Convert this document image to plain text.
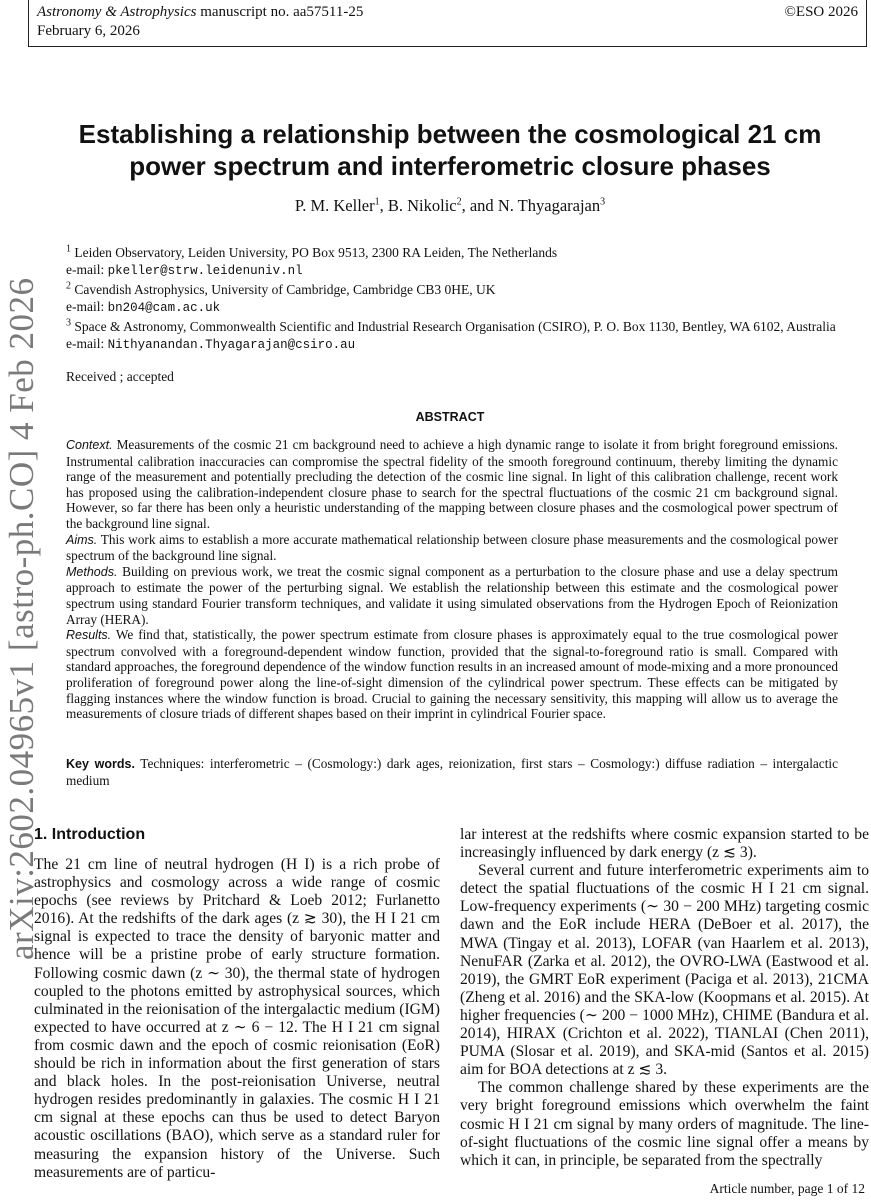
Astronomy & Astrophysics manuscript no. aa57511-25
February 6, 2026
©ESO 2026
arXiv:2602.04965v1 [astro-ph.CO] 4 Feb 2026
Establishing a relationship between the cosmological 21 cm power spectrum and interferometric closure phases
P. M. Keller$^1$, B. Nikolic$^2$, and N. Thyagarajan$^3$
$^1$ Leiden Observatory, Leiden University, PO Box 9513, 2300 RA Leiden, The Netherlands
e-mail: pkeller@strw.leidenuniv.nl
$^2$ Cavendish Astrophysics, University of Cambridge, Cambridge CB3 0HE, UK
e-mail: bn204@cam.ac.uk
$^3$ Space & Astronomy, Commonwealth Scientific and Industrial Research Organisation (CSIRO), P. O. Box 1130, Bentley, WA 6102, Australia
e-mail: Nithyanandan.Thyagarajan@csiro.au
Received ; accepted
ABSTRACT

Context. Measurements of the cosmic 21 cm background need to achieve a high dynamic range to isolate it from bright foreground emissions. Instrumental calibration inaccuracies can compromise the spectral fidelity of the smooth foreground continuum, thereby limiting the dynamic range of the measurement and potentially precluding the detection of the cosmic line signal. In light of this calibration challenge, recent work has proposed using the calibration-independent closure phase to search for the spectral fluctuations of the cosmic 21 cm background signal. However, so far there has been only a heuristic understanding of the mapping between closure phases and the cosmological power spectrum of the background line signal.

Aims. This work aims to establish a more accurate mathematical relationship between closure phase measurements and the cosmological power spectrum of the background line signal.

Methods. Building on previous work, we treat the cosmic signal component as a perturbation to the closure phase and use a delay spectrum approach to estimate the power of the perturbing signal. We establish the relationship between this estimate and the cosmological power spectrum using standard Fourier transform techniques, and validate it using simulated observations from the Hydrogen Epoch of Reionization Array (HERA).

Results. We find that, statistically, the power spectrum estimate from closure phases is approximately equal to the true cosmological power spectrum convolved with a foreground-dependent window function, provided that the signal-to-foreground ratio is small. Compared with standard approaches, the foreground dependence of the window function results in an increased amount of mode-mixing and a more pronounced proliferation of foreground power along the line-of-sight dimension of the cylindrical power spectrum. These effects can be mitigated by flagging instances where the window function is broad. Crucial to gaining the necessary sensitivity, this mapping will allow us to average the measurements of closure triads of different shapes based on their imprint in cylindrical Fourier space.

Key words. Techniques: interferometric – (Cosmology:) dark ages, reionization, first stars – Cosmology:) diffuse radiation – intergalactic medium
1. Introduction

The 21 cm line of neutral hydrogen (H I) is a rich probe of astrophysics and cosmology across a wide range of cosmic epochs (see reviews by Pritchard & Loeb 2012; Furlanetto 2016). At the redshifts of the dark ages (z ≳ 30), the H I 21 cm signal is expected to trace the density of baryonic matter and hence will be a pristine probe of early structure formation. Following cosmic dawn (z ∼ 30), the thermal state of hydrogen coupled to the photons emitted by astrophysical sources, which culminated in the reionisation of the intergalactic medium (IGM) expected to have occurred at z ∼ 6 − 12. The H I 21 cm signal from cosmic dawn and the epoch of cosmic reionisation (EoR) should be rich in information about the first generation of stars and black holes. In the post-reionisation Universe, neutral hydrogen resides predominantly in galaxies. The cosmic H I 21 cm signal at these epochs can thus be used to detect Baryon acoustic oscillations (BAO), which serve as a standard ruler for measuring the expansion history of the Universe. Such measurements are of particu-

lar interest at the redshifts where cosmic expansion started to be increasingly influenced by dark energy (z ≲ 3).

Several current and future interferometric experiments aim to detect the spatial fluctuations of the cosmic H I 21 cm signal. Low-frequency experiments (∼ 30 − 200 MHz) targeting cosmic dawn and the EoR include HERA (DeBoer et al. 2017), the MWA (Tingay et al. 2013), LOFAR (van Haarlem et al. 2013), NenuFAR (Zarka et al. 2012), the OVRO-LWA (Eastwood et al. 2019), the GMRT EoR experiment (Paciga et al. 2013), 21CMA (Zheng et al. 2016) and the SKA-low (Koopmans et al. 2015). At higher frequencies (∼ 200 − 1000 MHz), CHIME (Bandura et al. 2014), HIRAX (Crichton et al. 2022), TIANLAI (Chen 2011), PUMA (Slosar et al. 2019), and SKA-mid (Santos et al. 2015) aim for BOA detections at z ≲ 3.

The common challenge shared by these experiments are the very bright foreground emissions which overwhelm the faint cosmic H I 21 cm signal by many orders of magnitude. The line-of-sight fluctuations of the cosmic line signal offer a means by which it can, in principle, be separated from the spectrally

Article number, page 1 of 12
